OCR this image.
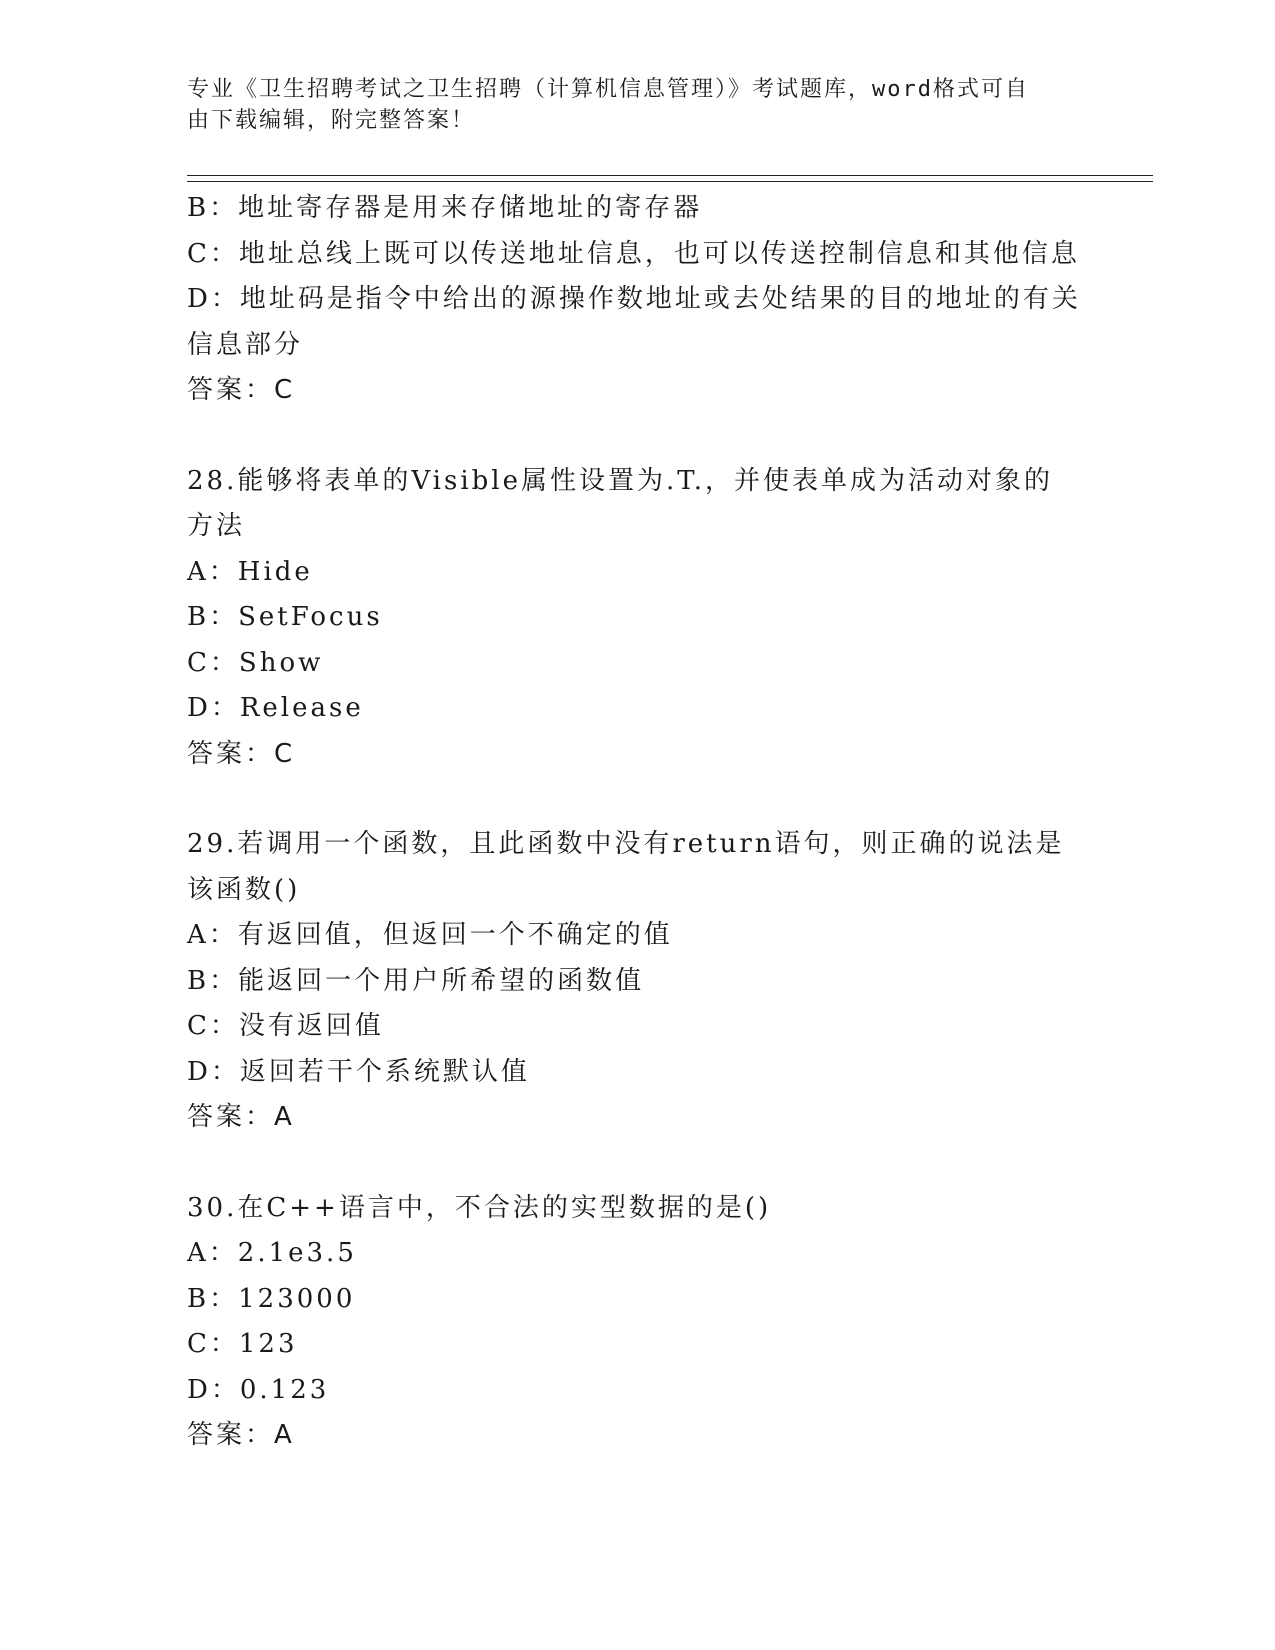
专业《卫生招聘考试之卫生招聘（计算机信息管理）》考试题库，word格式可自
由下载编辑，附完整答案！
B：地址寄存器是用来存储地址的寄存器
C：地址总线上既可以传送地址信息，也可以传送控制信息和其他信息
D：地址码是指令中给出的源操作数地址或去处结果的目的地址的有关
信息部分
答案：C
28.能够将表单的Visible属性设置为.T.，并使表单成为活动对象的
方法
A：Hide
B：SetFocus
C：Show
D：Release
答案：C
29.若调用一个函数，且此函数中没有return语句，则正确的说法是
该函数()
A：有返回值，但返回一个不确定的值
B：能返回一个用户所希望的函数值
C：没有返回值
D：返回若干个系统默认值
答案：A
30.在C++语言中，不合法的实型数据的是()
A：2.1e3.5
B：123000
C：123
D：0.123
答案：A
